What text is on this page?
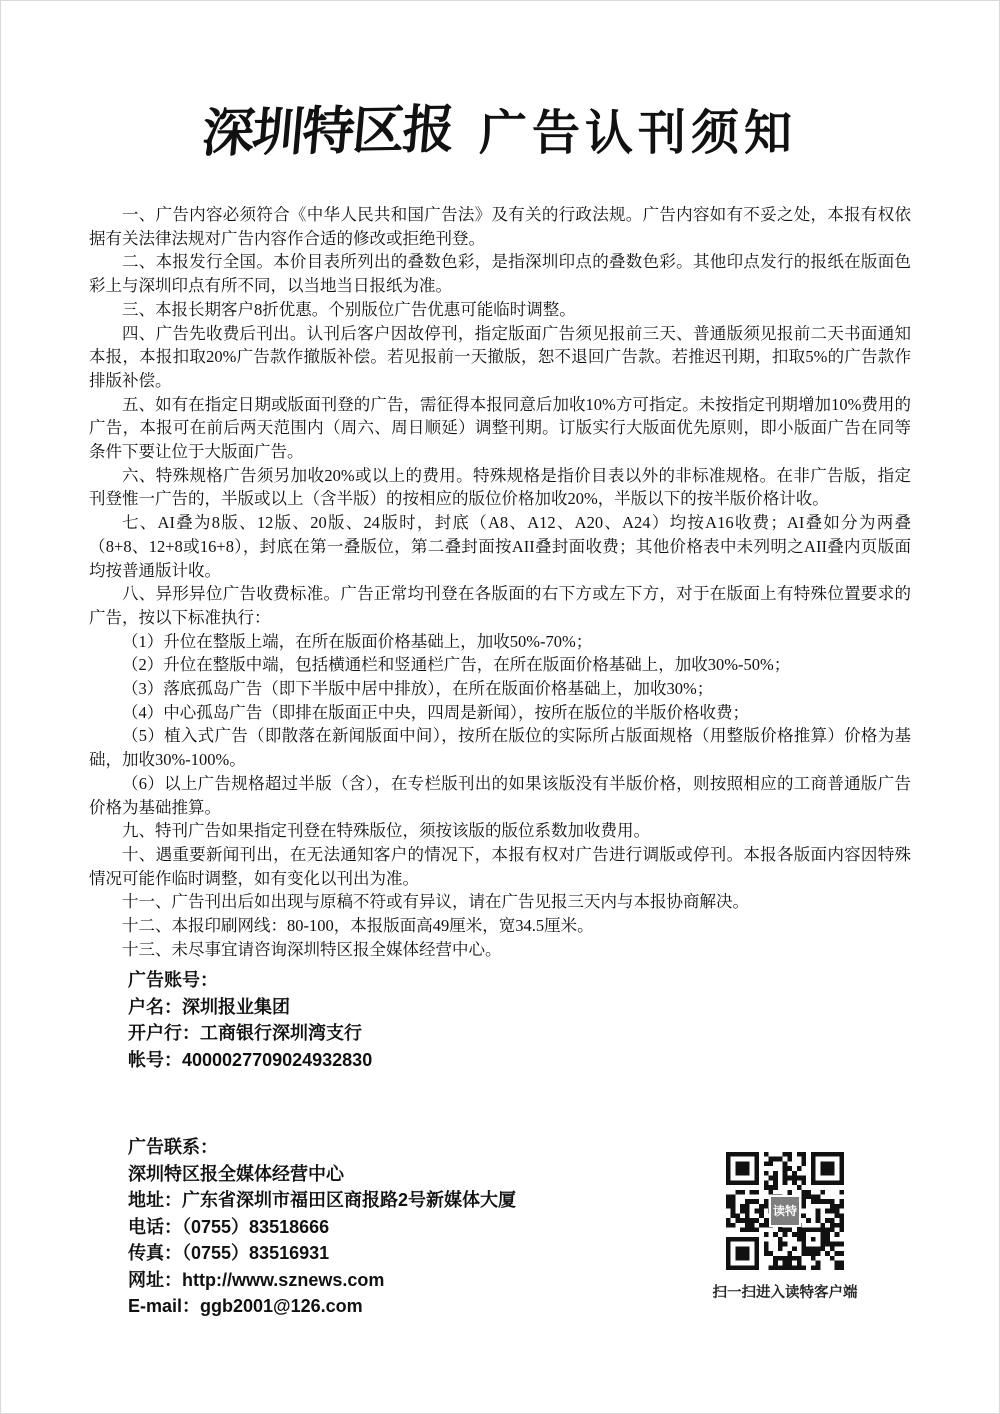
深圳特区报 广告认刊须知

一、广告内容必须符合《中华人民共和国广告法》及有关的行政法规。广告内容如有不妥之处，本报有权依据有关法律法规对广告内容作合适的修改或拒绝刊登。

二、本报发行全国。本价目表所列出的叠数色彩，是指深圳印点的叠数色彩。其他印点发行的报纸在版面色彩上与深圳印点有所不同，以当地当日报纸为准。

三、本报长期客户8折优惠。个别版位广告优惠可能临时调整。

四、广告先收费后刊出。认刊后客户因故停刊，指定版面广告须见报前三天、普通版须见报前二天书面通知本报，本报扣取20%广告款作撤版补偿。若见报前一天撤版，恕不退回广告款。若推迟刊期，扣取5%的广告款作排版补偿。

五、如有在指定日期或版面刊登的广告，需征得本报同意后加收10%方可指定。未按指定刊期增加10%费用的广告，本报可在前后两天范围内（周六、周日顺延）调整刊期。订版实行大版面优先原则，即小版面广告在同等条件下要让位于大版面广告。

六、特殊规格广告须另加收20%或以上的费用。特殊规格是指价目表以外的非标准规格。在非广告版，指定刊登惟一广告的，半版或以上（含半版）的按相应的版位价格加收20%，半版以下的按半版价格计收。

七、AI叠为8版、12版、20版、24版时，封底（A8、A12、A20、A24）均按A16收费；AI叠如分为两叠（8+8、12+8或16+8），封底在第一叠版位，第二叠封面按AII叠封面收费；其他价格表中未列明之AII叠内页版面均按普通版计收。

八、异形异位广告收费标准。广告正常均刊登在各版面的右下方或左下方，对于在版面上有特殊位置要求的广告，按以下标准执行：

（1）升位在整版上端，在所在版面价格基础上，加收50%-70%；

（2）升位在整版中端，包括横通栏和竖通栏广告，在所在版面价格基础上，加收30%-50%；

（3）落底孤岛广告（即下半版中居中排放），在所在版面价格基础上，加收30%；

（4）中心孤岛广告（即排在版面正中央，四周是新闻），按所在版位的半版价格收费；

（5）植入式广告（即散落在新闻版面中间），按所在版位的实际所占版面规格（用整版价格推算）价格为基础，加收30%-100%。

（6）以上广告规格超过半版（含），在专栏版刊出的如果该版没有半版价格，则按照相应的工商普通版广告价格为基础推算。

九、特刊广告如果指定刊登在特殊版位，须按该版的版位系数加收费用。

十、遇重要新闻刊出，在无法通知客户的情况下，本报有权对广告进行调版或停刊。本报各版面内容因特殊情况可能作临时调整，如有变化以刊出为准。

十一、广告刊出后如出现与原稿不符或有异议，请在广告见报三天内与本报协商解决。

十二、本报印刷网线：80-100，本报版面高49厘米，宽34.5厘米。

十三、未尽事宜请咨询深圳特区报全媒体经营中心。

广告账号：

户名：深圳报业集团

开户行：工商银行深圳湾支行

帐号：4000027709024932830

广告联系：

深圳特区报全媒体经营中心

地址：广东省深圳市福田区商报路2号新媒体大厦

电话：（0755）83518666

传真：（0755）83516931

网址：http://www.sznews.com

E-mail：ggb2001@126.com

读特
扫一扫进入读特客户端
